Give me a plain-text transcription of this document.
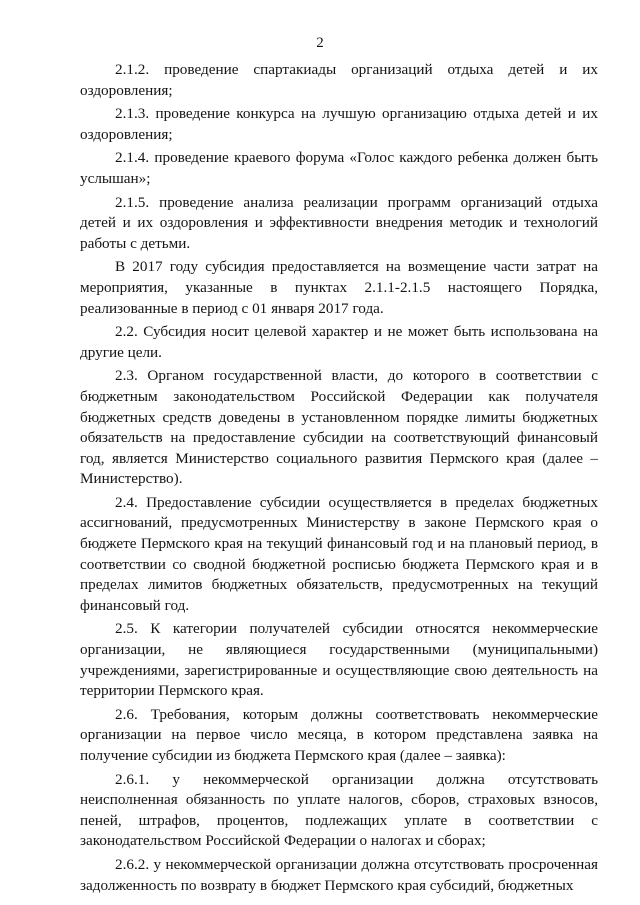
2

2.1.2. проведение спартакиады организаций отдыха детей и их оздоровления;

2.1.3. проведение конкурса на лучшую организацию отдыха детей и их оздоровления;

2.1.4. проведение краевого форума «Голос каждого ребенка должен быть услышан»;

2.1.5. проведение анализа реализации программ организаций отдыха детей и их оздоровления и эффективности внедрения методик и технологий работы с детьми.

В 2017 году субсидия предоставляется на возмещение части затрат на мероприятия, указанные в пунктах 2.1.1-2.1.5 настоящего Порядка, реализованные в период с 01 января 2017 года.

2.2. Субсидия носит целевой характер и не может быть использована на другие цели.

2.3. Органом государственной власти, до которого в соответствии с бюджетным законодательством Российской Федерации как получателя бюджетных средств доведены в установленном порядке лимиты бюджетных обязательств на предоставление субсидии на соответствующий финансовый год, является Министерство социального развития Пермского края (далее – Министерство).

2.4. Предоставление субсидии осуществляется в пределах бюджетных ассигнований, предусмотренных Министерству в законе Пермского края о бюджете Пермского края на текущий финансовый год и на плановый период, в соответствии со сводной бюджетной росписью бюджета Пермского края и в пределах лимитов бюджетных обязательств, предусмотренных на текущий финансовый год.

2.5. К категории получателей субсидии относятся некоммерческие организации, не являющиеся государственными (муниципальными) учреждениями, зарегистрированные и осуществляющие свою деятельность на территории Пермского края.

2.6. Требования, которым должны соответствовать некоммерческие организации на первое число месяца, в котором представлена заявка на получение субсидии из бюджета Пермского края (далее – заявка):

2.6.1. у некоммерческой организации должна отсутствовать неисполненная обязанность по уплате налогов, сборов, страховых взносов, пеней, штрафов, процентов, подлежащих уплате в соответствии с законодательством Российской Федерации о налогах и сборах;

2.6.2. у некоммерческой организации должна отсутствовать просроченная задолженность по возврату в бюджет Пермского края субсидий, бюджетных
